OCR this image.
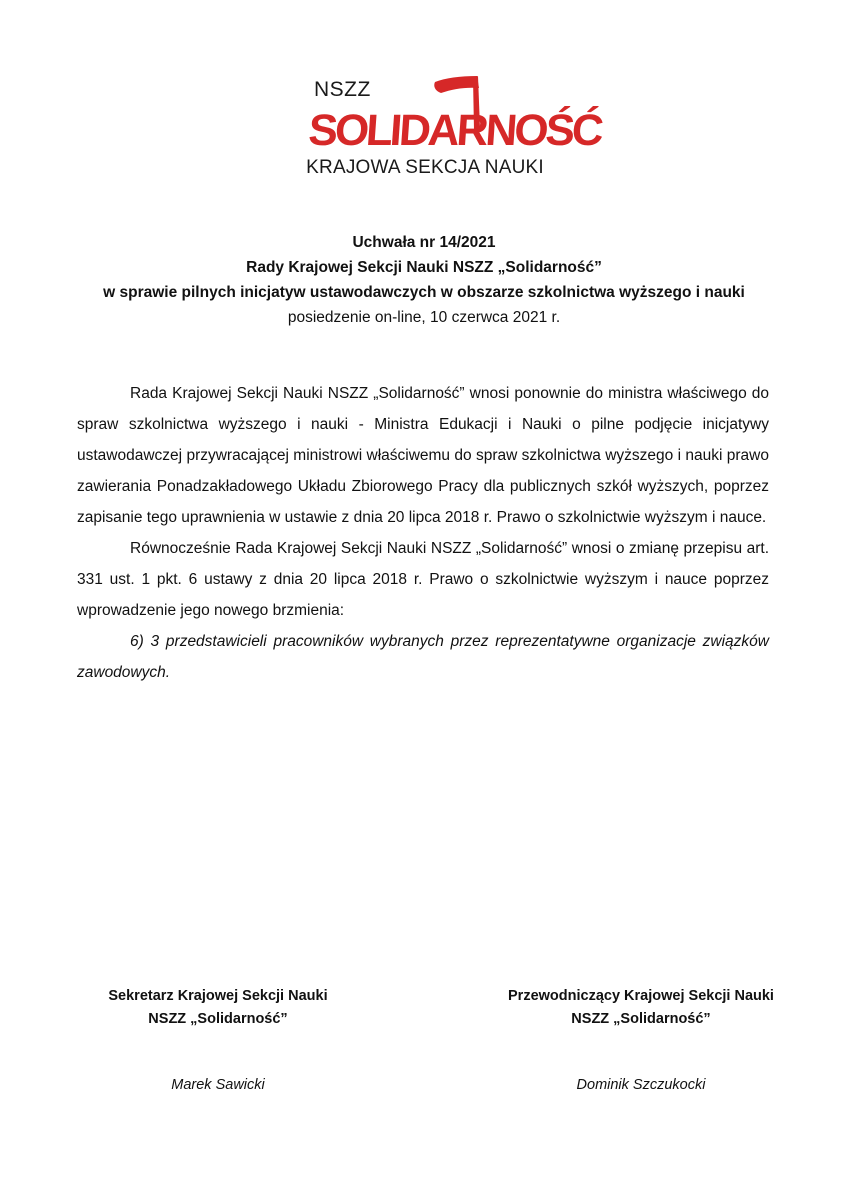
NSZZ
SOLIDARNOŚĆ
KRAJOWA SEKCJA NAUKI
Uchwała nr 14/2021
Rady Krajowej Sekcji Nauki NSZZ „Solidarność”
w sprawie pilnych inicjatyw ustawodawczych w obszarze szkolnictwa wyższego i nauki
posiedzenie on-line, 10 czerwca 2021 r.

Rada Krajowej Sekcji Nauki NSZZ „Solidarność” wnosi ponownie do ministra właściwego do spraw szkolnictwa wyższego i nauki - Ministra Edukacji i Nauki o pilne podjęcie inicjatywy ustawodawczej przywracającej ministrowi właściwemu do spraw szkolnictwa wyższego i nauki prawo zawierania Ponadzakładowego Układu Zbiorowego Pracy dla publicznych szkół wyższych, poprzez zapisanie tego uprawnienia w ustawie z dnia 20 lipca 2018 r. Prawo o szkolnictwie wyższym i nauce.

Równocześnie Rada Krajowej Sekcji Nauki NSZZ „Solidarność” wnosi o zmianę przepisu art. 331 ust. 1 pkt. 6 ustawy z dnia 20 lipca 2018 r. Prawo o szkolnictwie wyższym i nauce poprzez wprowadzenie jego nowego brzmienia:

6) 3 przedstawicieli pracowników wybranych przez reprezentatywne organizacje związków zawodowych.

Sekretarz Krajowej Sekcji Nauki
NSZZ „Solidarność”
Marek Sawicki
Przewodniczący Krajowej Sekcji Nauki
NSZZ „Solidarność”
Dominik Szczukocki
